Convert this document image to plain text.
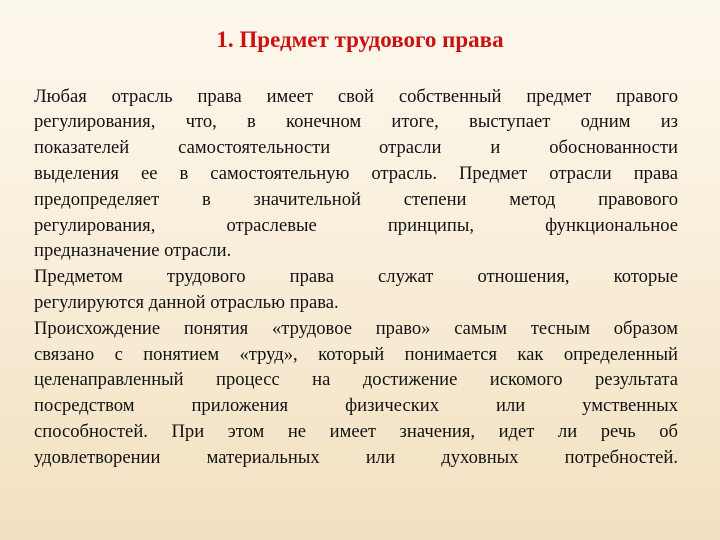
1. Предмет трудового права

Любая отрасль права имеет свой собственный предмет правого
регулирования, что, в конечном итоге, выступает одним из
показателей самостоятельности отрасли и обоснованности
выделения ее в самостоятельную отрасль. Предмет отрасли права
предопределяет в значительной степени метод правового
регулирования, отраслевые принципы, функциональное
предназначение отрасли.

Предметом трудового права служат отношения, которые
регулируются данной отраслью права.

Происхождение понятия «трудовое право» самым тесным образом
связано с понятием «труд», который понимается как определенный
целенаправленный процесс на достижение искомого результата
посредством приложения физических или умственных
способностей. При этом не имеет значения, идет ли речь об
удовлетворении материальных или духовных потребностей.
